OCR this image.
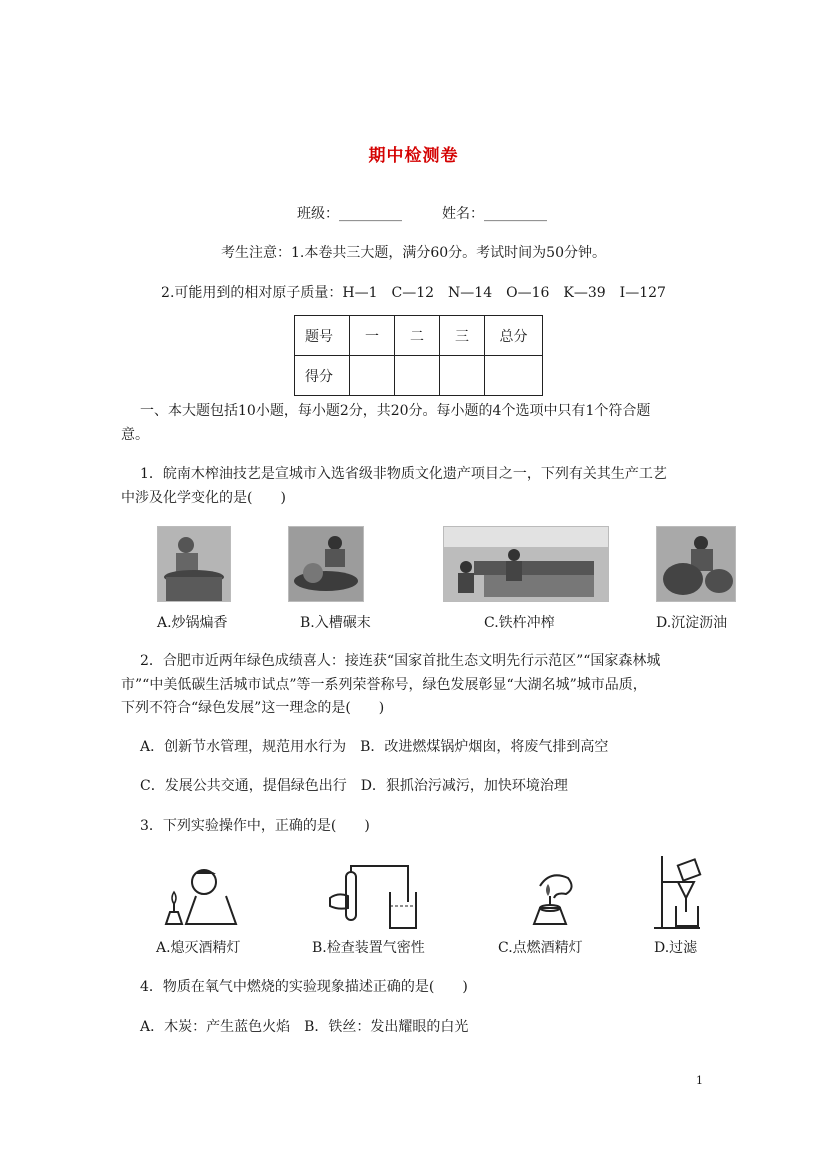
期中检测卷
班级：_________	姓名：_________
考生注意：1.本卷共三大题，满分60分。考试时间为50分钟。
2.可能用到的相对原子质量：H—1　C—12　N—14　O—16　K—39　I—127
题号	一	二	三	总分
得分				
一、本大题包括10小题，每小题2分，共20分。每小题的4个选项中只有1个符合题
意。
1．皖南木榨油技艺是宣城市入选省级非物质文化遗产项目之一，下列有关其生产工艺
中涉及化学变化的是(　　)
A.炒锅煸香	B.入槽碾末	C.铁杵冲榨	D.沉淀沥油
2．合肥市近两年绿色成绩喜人：接连获“国家首批生态文明先行示范区”“国家森林城
市”“中美低碳生活城市试点”等一系列荣誉称号，绿色发展彰显“大湖名城”城市品质，
下列不符合“绿色发展”这一理念的是(　　)
A．创新节水管理，规范用水行为　B．改进燃煤锅炉烟囱，将废气排到高空
C．发展公共交通，提倡绿色出行　D．狠抓治污减污，加快环境治理
3．下列实验操作中，正确的是(　　)
A.熄灭酒精灯	B.检查装置气密性	C.点燃酒精灯	D.过滤
4．物质在氧气中燃烧的实验现象描述正确的是(　　)
A．木炭：产生蓝色火焰　B．铁丝：发出耀眼的白光
1
